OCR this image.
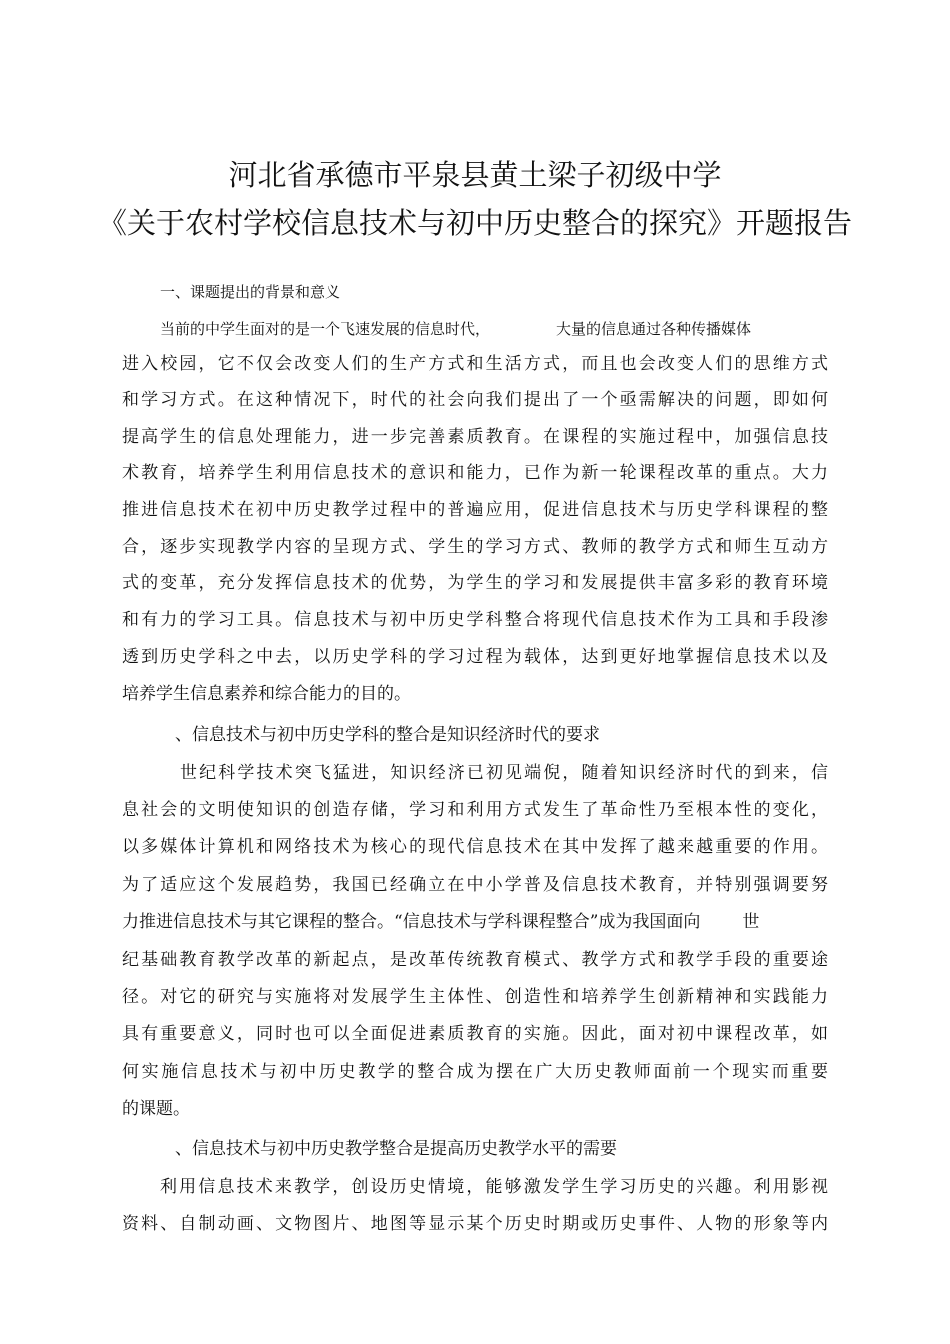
河北省承德市平泉县黄土梁子初级中学
《关于农村学校信息技术与初中历史整合的探究》开题报告
一、课题提出的背景和意义
当前的中学生面对的是一个飞速发展的信息时代，	大量的信息通过各种传播媒体
进入校园，它不仅会改变人们的生产方式和生活方式，而且也会改变人们的思维方式
和学习方式。在这种情况下，时代的社会向我们提出了一个亟需解决的问题，即如何
提高学生的信息处理能力，进一步完善素质教育。在课程的实施过程中，加强信息技
术教育，培养学生利用信息技术的意识和能力，已作为新一轮课程改革的重点。大力
推进信息技术在初中历史教学过程中的普遍应用，促进信息技术与历史学科课程的整
合，逐步实现教学内容的呈现方式、学生的学习方式、教师的教学方式和师生互动方
式的变革，充分发挥信息技术的优势，为学生的学习和发展提供丰富多彩的教育环境
和有力的学习工具。信息技术与初中历史学科整合将现代信息技术作为工具和手段渗
透到历史学科之中去，以历史学科的学习过程为载体，达到更好地掌握信息技术以及
培养学生信息素养和综合能力的目的。
、信息技术与初中历史学科的整合是知识经济时代的要求
世纪科学技术突飞猛进，知识经济已初见端倪，随着知识经济时代的到来，信
息社会的文明使知识的创造存储，学习和利用方式发生了革命性乃至根本性的变化，
以多媒体计算机和网络技术为核心的现代信息技术在其中发挥了越来越重要的作用。
为了适应这个发展趋势，我国已经确立在中小学普及信息技术教育，并特别强调要努
力推进信息技术与其它课程的整合。“信息技术与学科课程整合”成为我国面向 世
纪基础教育教学改革的新起点，是改革传统教育模式、教学方式和教学手段的重要途
径。对它的研究与实施将对发展学生主体性、创造性和培养学生创新精神和实践能力
具有重要意义，同时也可以全面促进素质教育的实施。因此，面对初中课程改革，如
何实施信息技术与初中历史教学的整合成为摆在广大历史教师面前一个现实而重要
的课题。
、信息技术与初中历史教学整合是提高历史教学水平的需要
利用信息技术来教学，创设历史情境，能够激发学生学习历史的兴趣。利用影视
资料、自制动画、文物图片、地图等显示某个历史时期或历史事件、人物的形象等内
